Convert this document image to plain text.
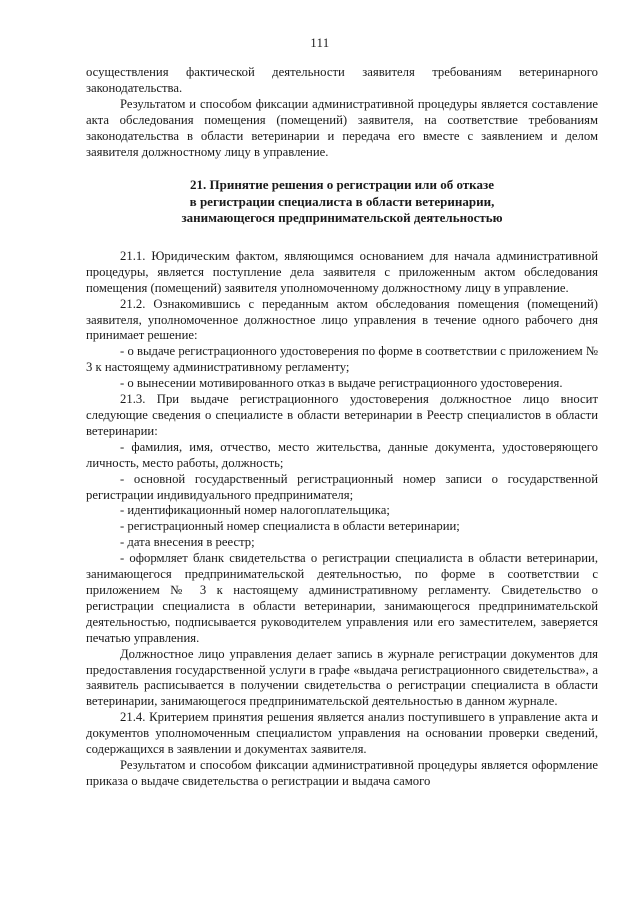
111

осуществления фактической деятельности заявителя требованиям ветеринарного законодательства.

Результатом и способом фиксации административной процедуры является составление акта обследования помещения (помещений) заявителя, на соответствие требованиям законодательства в области ветеринарии и передача его вместе с заявлением и делом заявителя должностному лицу в управление.

21. Принятие решения о регистрации или об отказе
в регистрации специалиста в области ветеринарии,
занимающегося предпринимательской деятельностью

21.1. Юридическим фактом, являющимся основанием для начала административной процедуры, является поступление дела заявителя с приложенным актом обследования помещения (помещений) заявителя уполномоченному должностному лицу в управление.

21.2. Ознакомившись с переданным актом обследования помещения (помещений) заявителя, уполномоченное должностное лицо управления в течение одного рабочего дня принимает решение:

- о выдаче регистрационного удостоверения по форме в соответствии с приложением № 3 к настоящему административному регламенту;

- о вынесении мотивированного отказ в выдаче регистрационного удостоверения.

21.3. При выдаче регистрационного удостоверения должностное лицо вносит следующие сведения о специалисте в области ветеринарии в Реестр специалистов в области ветеринарии:

- фамилия, имя, отчество, место жительства, данные документа, удостоверяющего личность, место работы, должность;

- основной государственный регистрационный номер записи о государственной регистрации индивидуального предпринимателя;

- идентификационный номер налогоплательщика;

- регистрационный номер специалиста в области ветеринарии;

- дата внесения в реестр;

- оформляет бланк свидетельства о регистрации специалиста в области ветеринарии, занимающегося предпринимательской деятельностью, по форме в соответствии с приложением № 3 к настоящему административному регламенту. Свидетельство о регистрации специалиста в области ветеринарии, занимающегося предпринимательской деятельностью, подписывается руководителем управления или его заместителем, заверяется печатью управления.

Должностное лицо управления делает запись в журнале регистрации документов для предоставления государственной услуги в графе «выдача регистрационного свидетельства», а заявитель расписывается в получении свидетельства о регистрации специалиста в области ветеринарии, занимающегося предпринимательской деятельностью в данном журнале.

21.4. Критерием принятия решения является анализ поступившего в управление акта и документов уполномоченным специалистом управления на основании проверки сведений, содержащихся в заявлении и документах заявителя.

Результатом и способом фиксации административной процедуры является оформление приказа о выдаче свидетельства о регистрации и выдача самого
